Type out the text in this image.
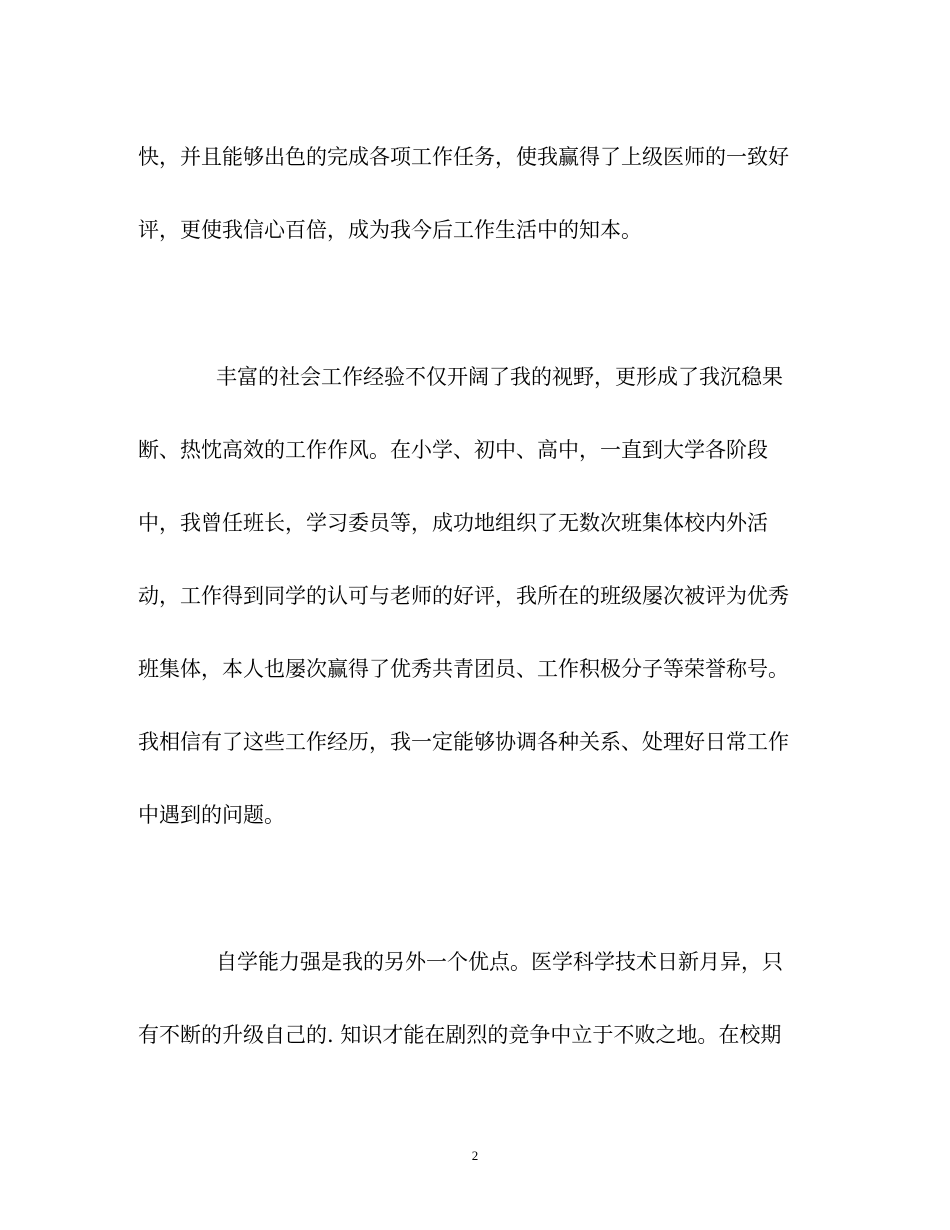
快，并且能够出色的完成各项工作任务，使我赢得了上级医师的一致好
评，更使我信心百倍，成为我今后工作生活中的知本。
丰富的社会工作经验不仅开阔了我的视野，更形成了我沉稳果
断、热忱高效的工作作风。在小学、初中、高中，一直到大学各阶段
中，我曾任班长，学习委员等，成功地组织了无数次班集体校内外活
动，工作得到同学的认可与老师的好评，我所在的班级屡次被评为优秀
班集体，本人也屡次赢得了优秀共青团员、工作积极分子等荣誉称号。
我相信有了这些工作经历，我一定能够协调各种关系、处理好日常工作
中遇到的问题。
自学能力强是我的另外一个优点。医学科学技术日新月异，只
有不断的升级自己的. 知识才能在剧烈的竞争中立于不败之地。在校期
2
